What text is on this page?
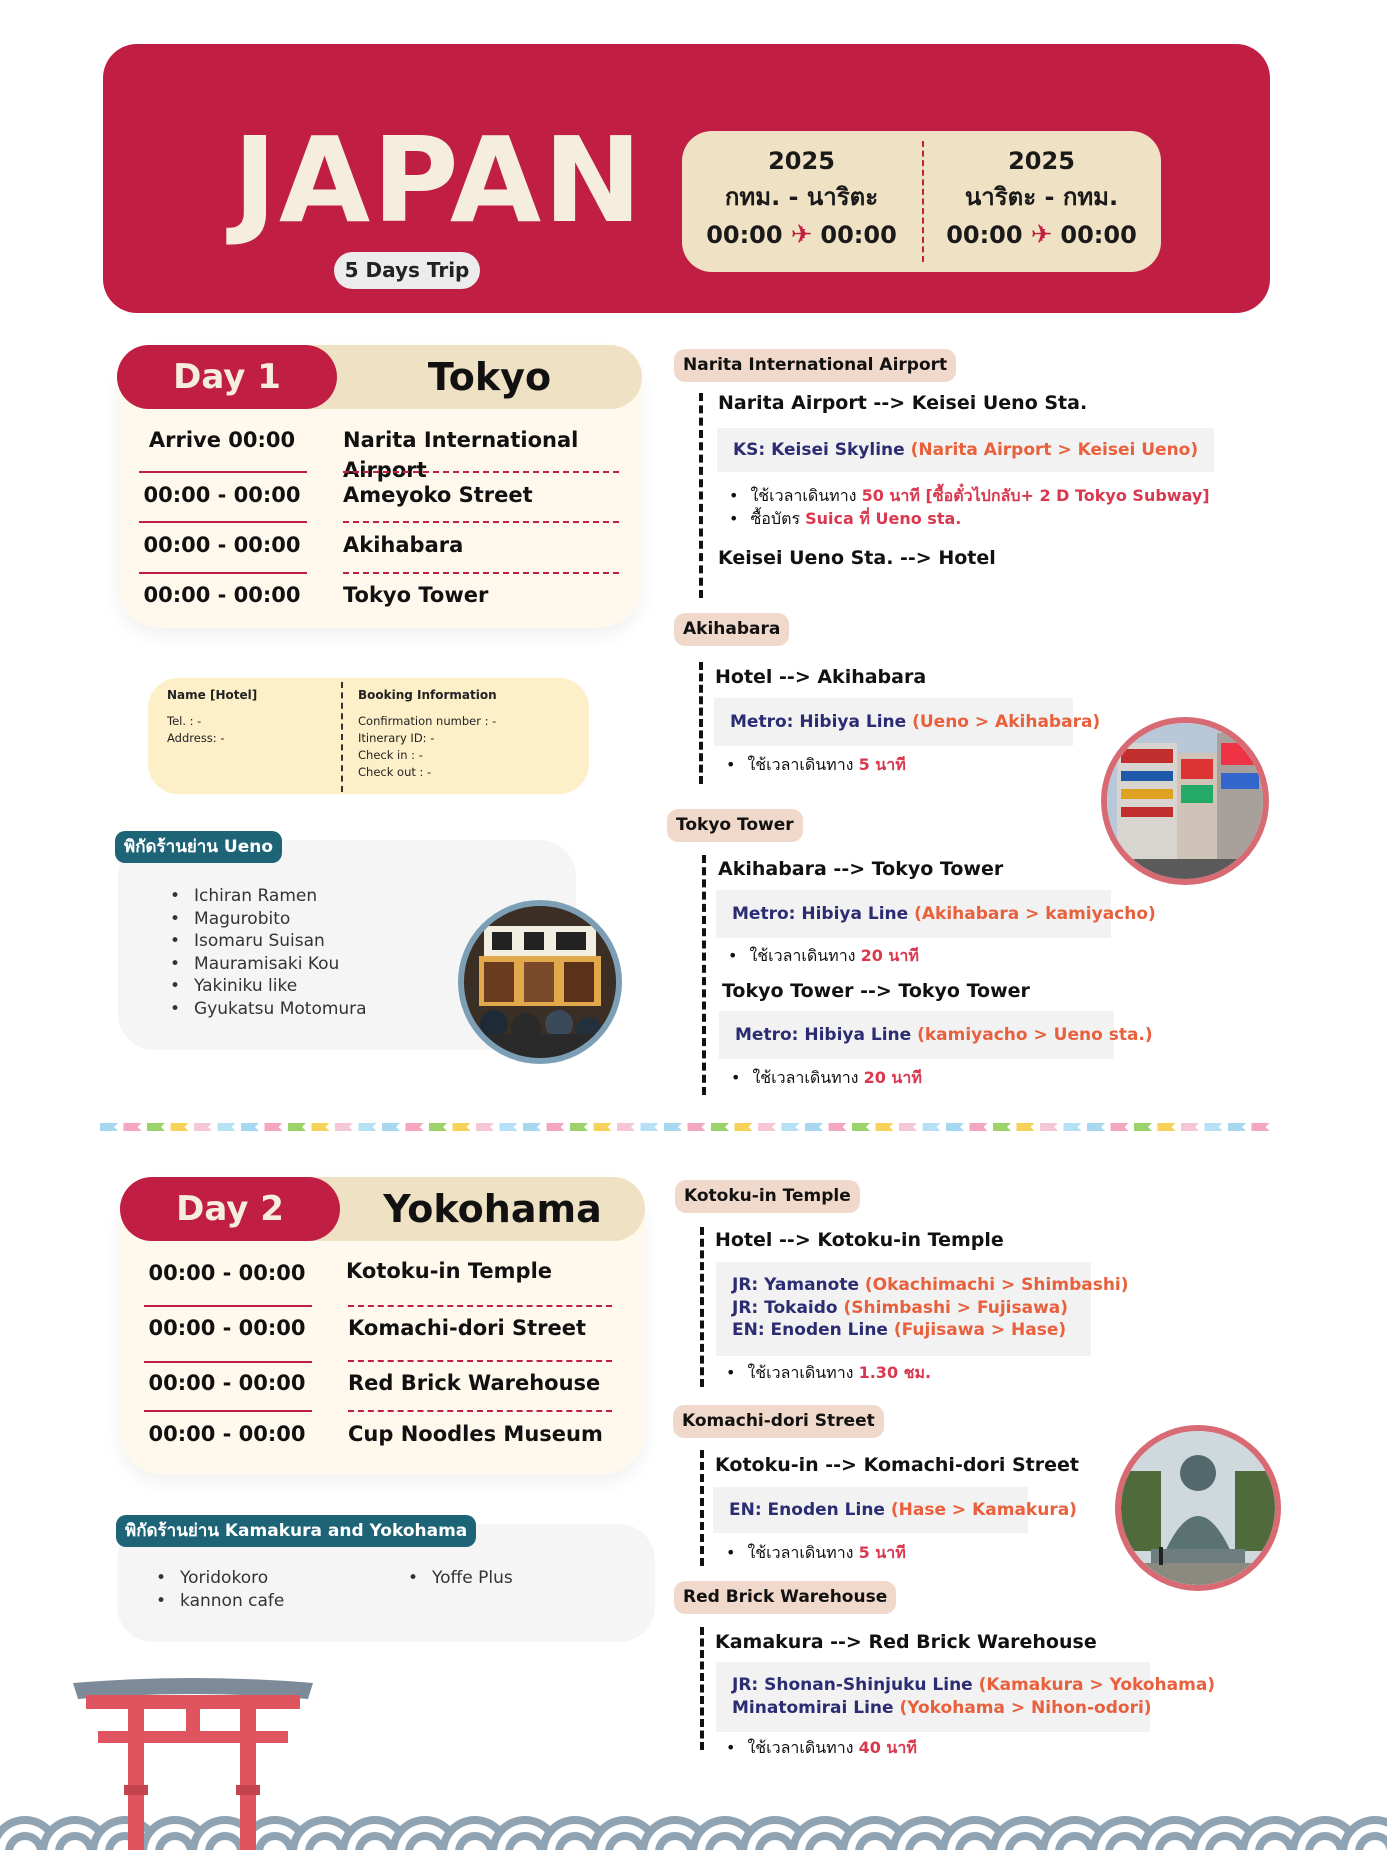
JAPAN
5 Days Trip
2025
กทม. - นาริตะ
00:00 ✈ 00:00
2025
นาริตะ - กทม.
00:00 ✈ 00:00
Day 1	Tokyo
Arrive 00:00	Narita International Airport
00:00 - 00:00	Ameyoko Street
00:00 - 00:00	Akihabara
00:00 - 00:00	Tokyo Tower
Name [Hotel]
Tel. : -
Address: -
Booking Information
Confirmation number : -
Itinerary ID: -
Check in : -
Check out : -
พิกัดร้านย่าน Ueno
• Ichiran Ramen
• Magurobito
• Isomaru Suisan
• Mauramisaki Kou
• Yakiniku like
• Gyukatsu Motomura
Narita International Airport
Narita Airport --> Keisei Ueno Sta.
KS: Keisei Skyline (Narita Airport > Keisei Ueno)
• ใช้เวลาเดินทาง 50 นาที [ซื้อตั๋วไปกลับ+ 2 D Tokyo Subway]
• ซื้อบัตร Suica ที่ Ueno sta.
Keisei Ueno Sta. --> Hotel
Akihabara
Hotel --> Akihabara
Metro: Hibiya Line (Ueno > Akihabara)
• ใช้เวลาเดินทาง 5 นาที
Tokyo Tower
Akihabara --> Tokyo Tower
Metro: Hibiya Line (Akihabara > kamiyacho)
• ใช้เวลาเดินทาง 20 นาที
Tokyo Tower --> Tokyo Tower
Metro: Hibiya Line (kamiyacho > Ueno sta.)
• ใช้เวลาเดินทาง 20 นาที
Day 2	Yokohama
00:00 - 00:00	Kotoku-in Temple
00:00 - 00:00	Komachi-dori Street
00:00 - 00:00	Red Brick Warehouse
00:00 - 00:00	Cup Noodles Museum
พิกัดร้านย่าน Kamakura and Yokohama
• Yoridokoro
• kannon cafe
• Yoffe Plus
Kotoku-in Temple
Hotel --> Kotoku-in Temple
JR: Yamanote (Okachimachi > Shimbashi)
JR: Tokaido (Shimbashi > Fujisawa)
EN: Enoden Line (Fujisawa > Hase)
• ใช้เวลาเดินทาง 1.30 ชม.
Komachi-dori Street
Kotoku-in --> Komachi-dori Street
EN: Enoden Line (Hase > Kamakura)
• ใช้เวลาเดินทาง 5 นาที
Red Brick Warehouse
Kamakura --> Red Brick Warehouse
JR: Shonan-Shinjuku Line (Kamakura > Yokohama)
Minatomirai Line (Yokohama > Nihon-odori)
• ใช้เวลาเดินทาง 40 นาที
